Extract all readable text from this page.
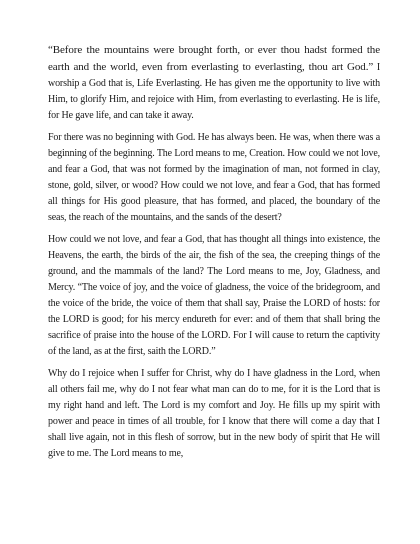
“Before the mountains were brought forth, or ever thou hadst formed the earth and the world, even from everlasting to everlasting, thou art God.” I worship a God that is, Life Everlasting. He has given me the opportunity to live with Him, to glorify Him, and rejoice with Him, from everlasting to everlasting. He is life, for He gave life, and can take it away.

For there was no beginning with God. He has always been. He was, when there was a beginning of the beginning. The Lord means to me, Creation. How could we not love, and fear a God, that was not formed by the imagination of man, not formed in clay, stone, gold, silver, or wood? How could we not love, and fear a God, that has formed all things for His good pleasure, that has formed, and placed, the boundary of the seas, the reach of the mountains, and the sands of the desert?

How could we not love, and fear a God, that has thought all things into existence, the Heavens, the earth, the birds of the air, the fish of the sea, the creeping things of the ground, and the mammals of the land? The Lord means to me, Joy, Gladness, and Mercy. “The voice of joy, and the voice of gladness, the voice of the bridegroom, and the voice of the bride, the voice of them that shall say, Praise the LORD of hosts: for the LORD is good; for his mercy endureth for ever: and of them that shall bring the sacrifice of praise into the house of the LORD. For I will cause to return the captivity of the land, as at the first, saith the LORD.”

Why do I rejoice when I suffer for Christ, why do I have gladness in the Lord, when all others fail me, why do I not fear what man can do to me, for it is the Lord that is my right hand and left. The Lord is my comfort and Joy. He fills up my spirit with power and peace in times of all trouble, for I know that there will come a day that I shall live again, not in this flesh of sorrow, but in the new body of spirit that He will give to me. The Lord means to me,
